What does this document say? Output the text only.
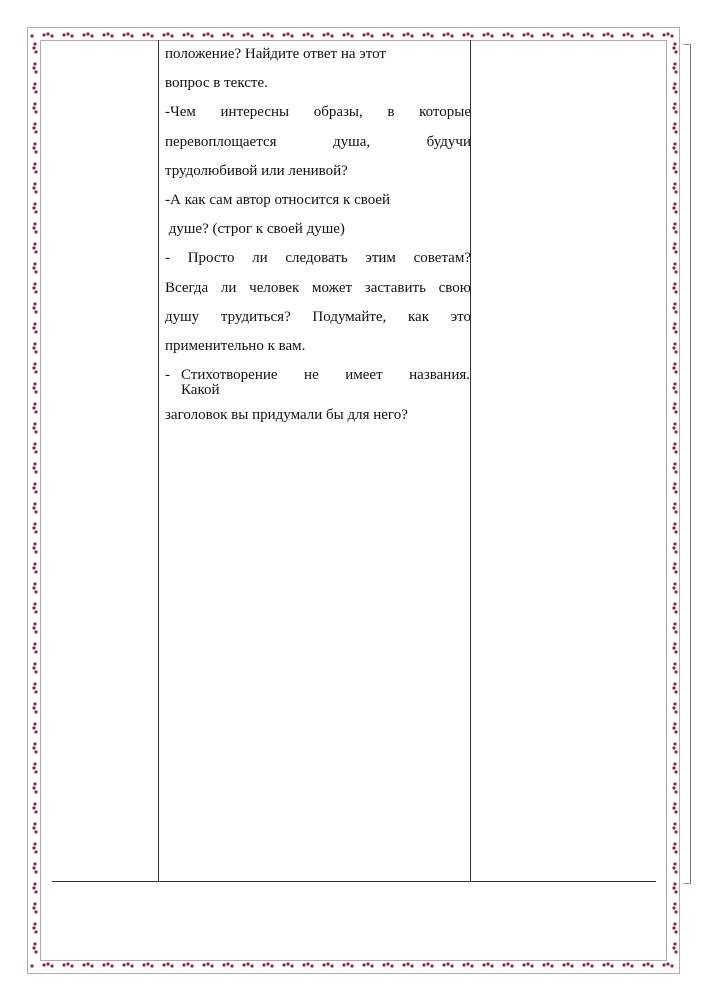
положение? Найдите ответ на этот

вопрос в тексте.

-Чем интересны образы, в которые

перевоплощается душа, будучи

трудолюбивой или ленивой?

-А как сам автор относится к своей

душе? (строг к своей душе)

- Просто ли следовать этим советам?

Всегда ли человек может заставить свою

душу трудиться? Подумайте, как это

применительно к вам.

- Стихотворение не имеет названия.
Какой

заголовок вы придумали бы для него?
